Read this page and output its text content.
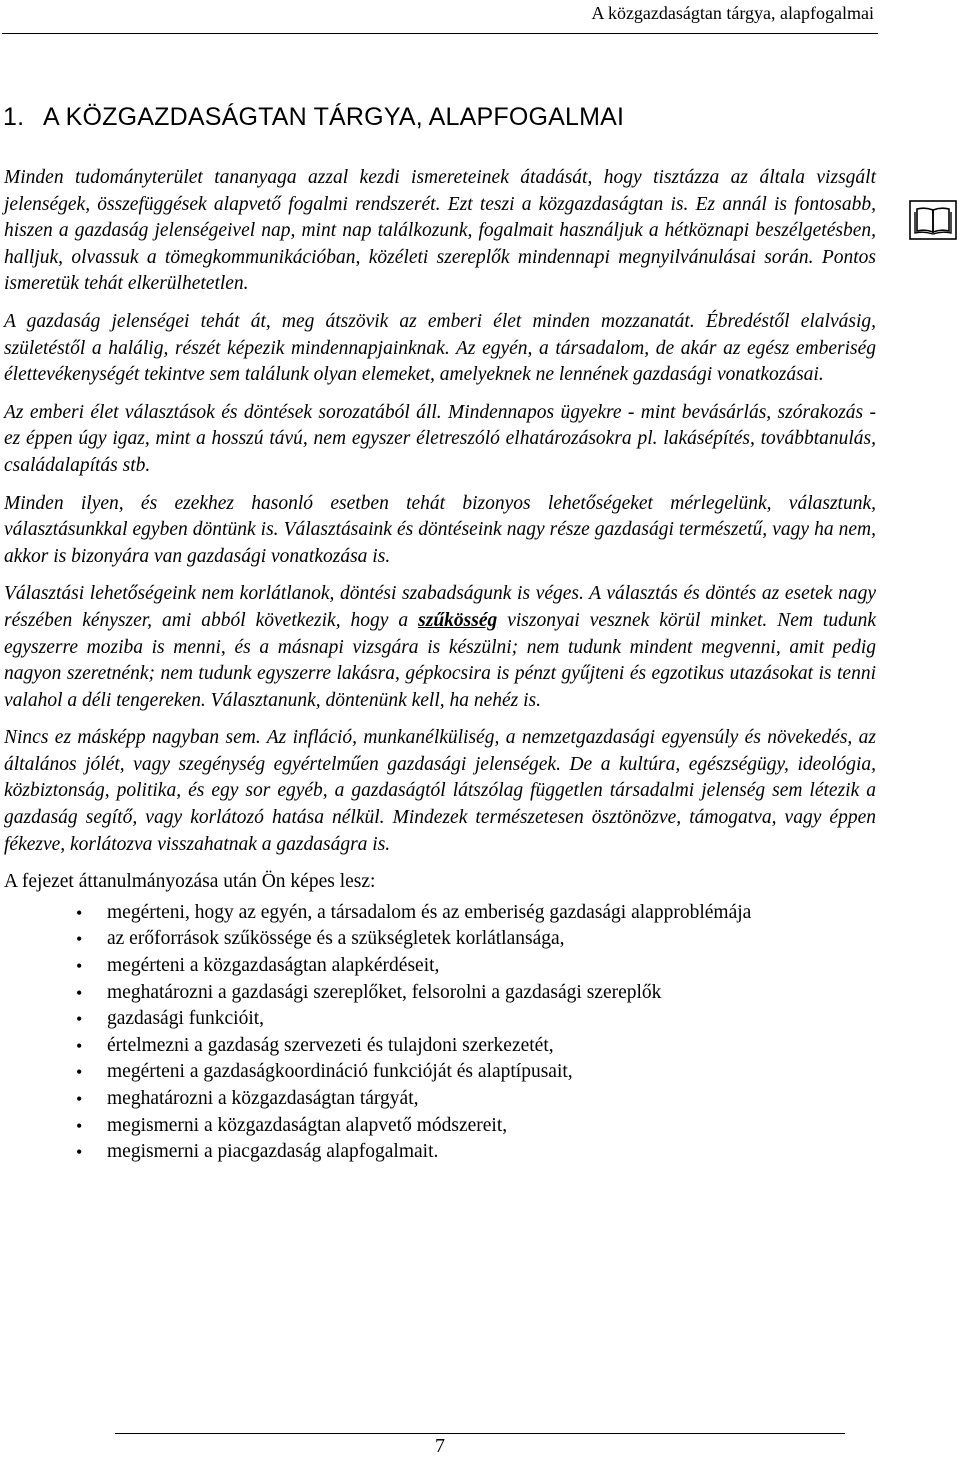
A közgazdaságtan tárgya, alapfogalmai
1. A KÖZGAZDASÁGTAN TÁRGYA, ALAPFOGALMAI

Minden tudományterület tananyaga azzal kezdi ismereteinek átadását, hogy tisztázza az általa vizsgált jelenségek, összefüggések alapvető fogalmi rendszerét. Ezt teszi a közgazdaságtan is. Ez annál is fontosabb, hiszen a gazdaság jelenségeivel nap, mint nap találkozunk, fogalmait használjuk a hétköznapi beszélgetésben, halljuk, olvassuk a tömegkommunikációban, közéleti szereplők mindennapi megnyilvánulásai során. Pontos ismeretük tehát elkerülhetetlen.

A gazdaság jelenségei tehát át, meg átszövik az emberi élet minden mozzanatát. Ébredéstől elalvásig, születéstől a halálig, részét képezik mindennapjainknak. Az egyén, a társadalom, de akár az egész emberiség élettevékenységét tekintve sem találunk olyan elemeket, amelyeknek ne lennének gazdasági vonatkozásai.

Az emberi élet választások és döntések sorozatából áll. Mindennapos ügyekre - mint bevásárlás, szórakozás - ez éppen úgy igaz, mint a hosszú távú, nem egyszer életreszóló elhatározásokra pl. lakásépítés, továbbtanulás, családalapítás stb.

Minden ilyen, és ezekhez hasonló esetben tehát bizonyos lehetőségeket mérlegelünk, választunk, választásunkkal egyben döntünk is. Választásaink és döntéseink nagy része gazdasági természetű, vagy ha nem, akkor is bizonyára van gazdasági vonatkozása is.

Választási lehetőségeink nem korlátlanok, döntési szabadságunk is véges. A választás és döntés az esetek nagy részében kényszer, ami abból következik, hogy a szűkösség viszonyai vesznek körül minket. Nem tudunk egyszerre moziba is menni, és a másnapi vizsgára is készülni; nem tudunk mindent megvenni, amit pedig nagyon szeretnénk; nem tudunk egyszerre lakásra, gépkocsira is pénzt gyűjteni és egzotikus utazásokat is tenni valahol a déli tengereken. Választanunk, döntenünk kell, ha nehéz is.

Nincs ez másképp nagyban sem. Az infláció, munkanélküliség, a nemzetgazdasági egyensúly és növekedés, az általános jólét, vagy szegénység egyértelműen gazdasági jelenségek. De a kultúra, egészségügy, ideológia, közbiztonság, politika, és egy sor egyéb, a gazdaságtól látszólag független társadalmi jelenség sem létezik a gazdaság segítő, vagy korlátozó hatása nélkül. Mindezek természetesen ösztönözve, támogatva, vagy éppen fékezve, korlátozva visszahatnak a gazdaságra is.

A fejezet áttanulmányozása után Ön képes lesz:

• megérteni, hogy az egyén, a társadalom és az emberiség gazdasági alapproblémája
• az erőforrások szűkössége és a szükségletek korlátlansága,
• megérteni a közgazdaságtan alapkérdéseit,
• meghatározni a gazdasági szereplőket, felsorolni a gazdasági szereplők
• gazdasági funkcióit,
• értelmezni a gazdaság szervezeti és tulajdoni szerkezetét,
• megérteni a gazdaságkoordináció funkcióját és alaptípusait,
• meghatározni a közgazdaságtan tárgyát,
• megismerni a közgazdaságtan alapvető módszereit,
• megismerni a piacgazdaság alapfogalmait.
7
